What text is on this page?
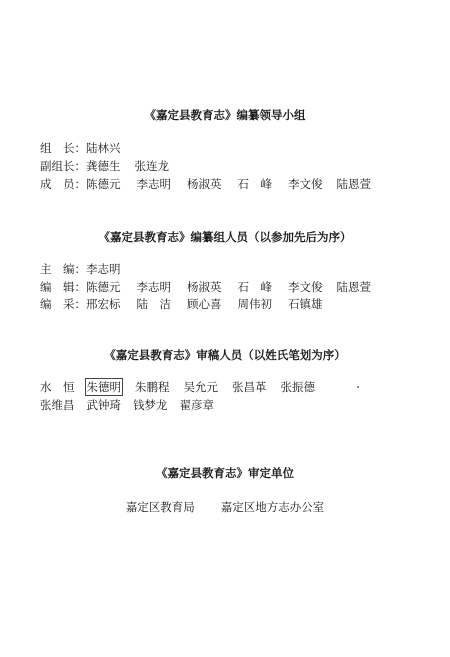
《嘉定县教育志》编纂领导小组
组　长：陆林兴
副组长：龚德生 张连龙
成　员：陈德元 李志明 杨淑英 石　峰 李文俊 陆恩萱
《嘉定县教育志》编纂组人员（以参加先后为序）
主　编：李志明
编　辑：陈德元 李志明 杨淑英 石　峰 李文俊 陆恩萱
编　采：邢宏标 陆　洁 顾心喜 周伟初 石镇雄
《嘉定县教育志》审稿人员（以姓氏笔划为序）
水　恒 朱德明 朱鹏程 吴允元 张昌革 张振德
张维昌 武钟琦 钱梦龙 翟彦章
《嘉定县教育志》审定单位
嘉定区教育局 嘉定区地方志办公室
